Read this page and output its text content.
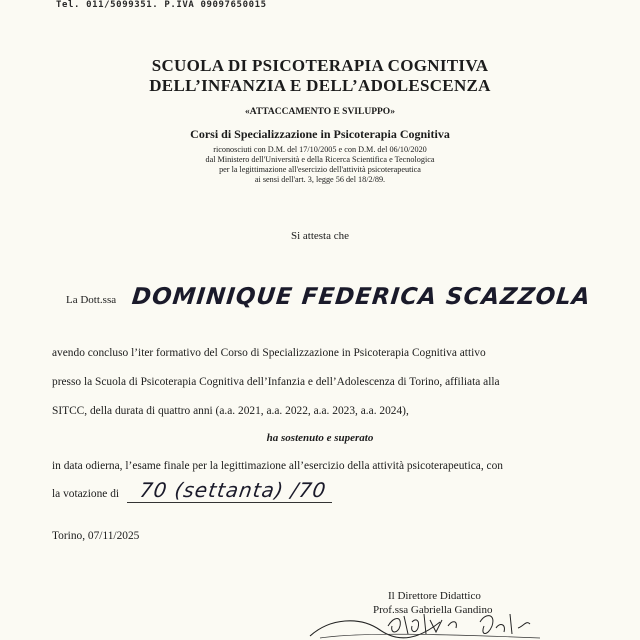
Tel. 011/5099351. P.IVA 09097650015
SCUOLA DI PSICOTERAPIA COGNITIVA
DELL’INFANZIA E DELL’ADOLESCENZA
«ATTACCAMENTO E SVILUPPO»
Corsi di Specializzazione in Psicoterapia Cognitiva
riconosciuti con D.M. del 17/10/2005 e con D.M. del 06/10/2020
dal Ministero dell'Università e della Ricerca Scientifica e Tecnologica
per la legittimazione all'esercizio dell'attività psicoterapeutica
ai sensi dell'art. 3, legge 56 del 18/2/89.
Si attesta che
La Dott.ssa DOMINIQUE FEDERICA SCAZZOLA
avendo concluso l’iter formativo del Corso di Specializzazione in Psicoterapia Cognitiva attivo
presso la Scuola di Psicoterapia Cognitiva dell’Infanzia e dell’Adolescenza di Torino, affiliata alla
SITCC, della durata di quattro anni (a.a. 2021, a.a. 2022, a.a. 2023, a.a. 2024),
ha sostenuto e superato
in data odierna, l’esame finale per la legittimazione all’esercizio della attività psicoterapeutica, con
la votazione di 70 (settanta) /70
Torino, 07/11/2025
Il Direttore Didattico
Prof.ssa Gabriella Gandino
